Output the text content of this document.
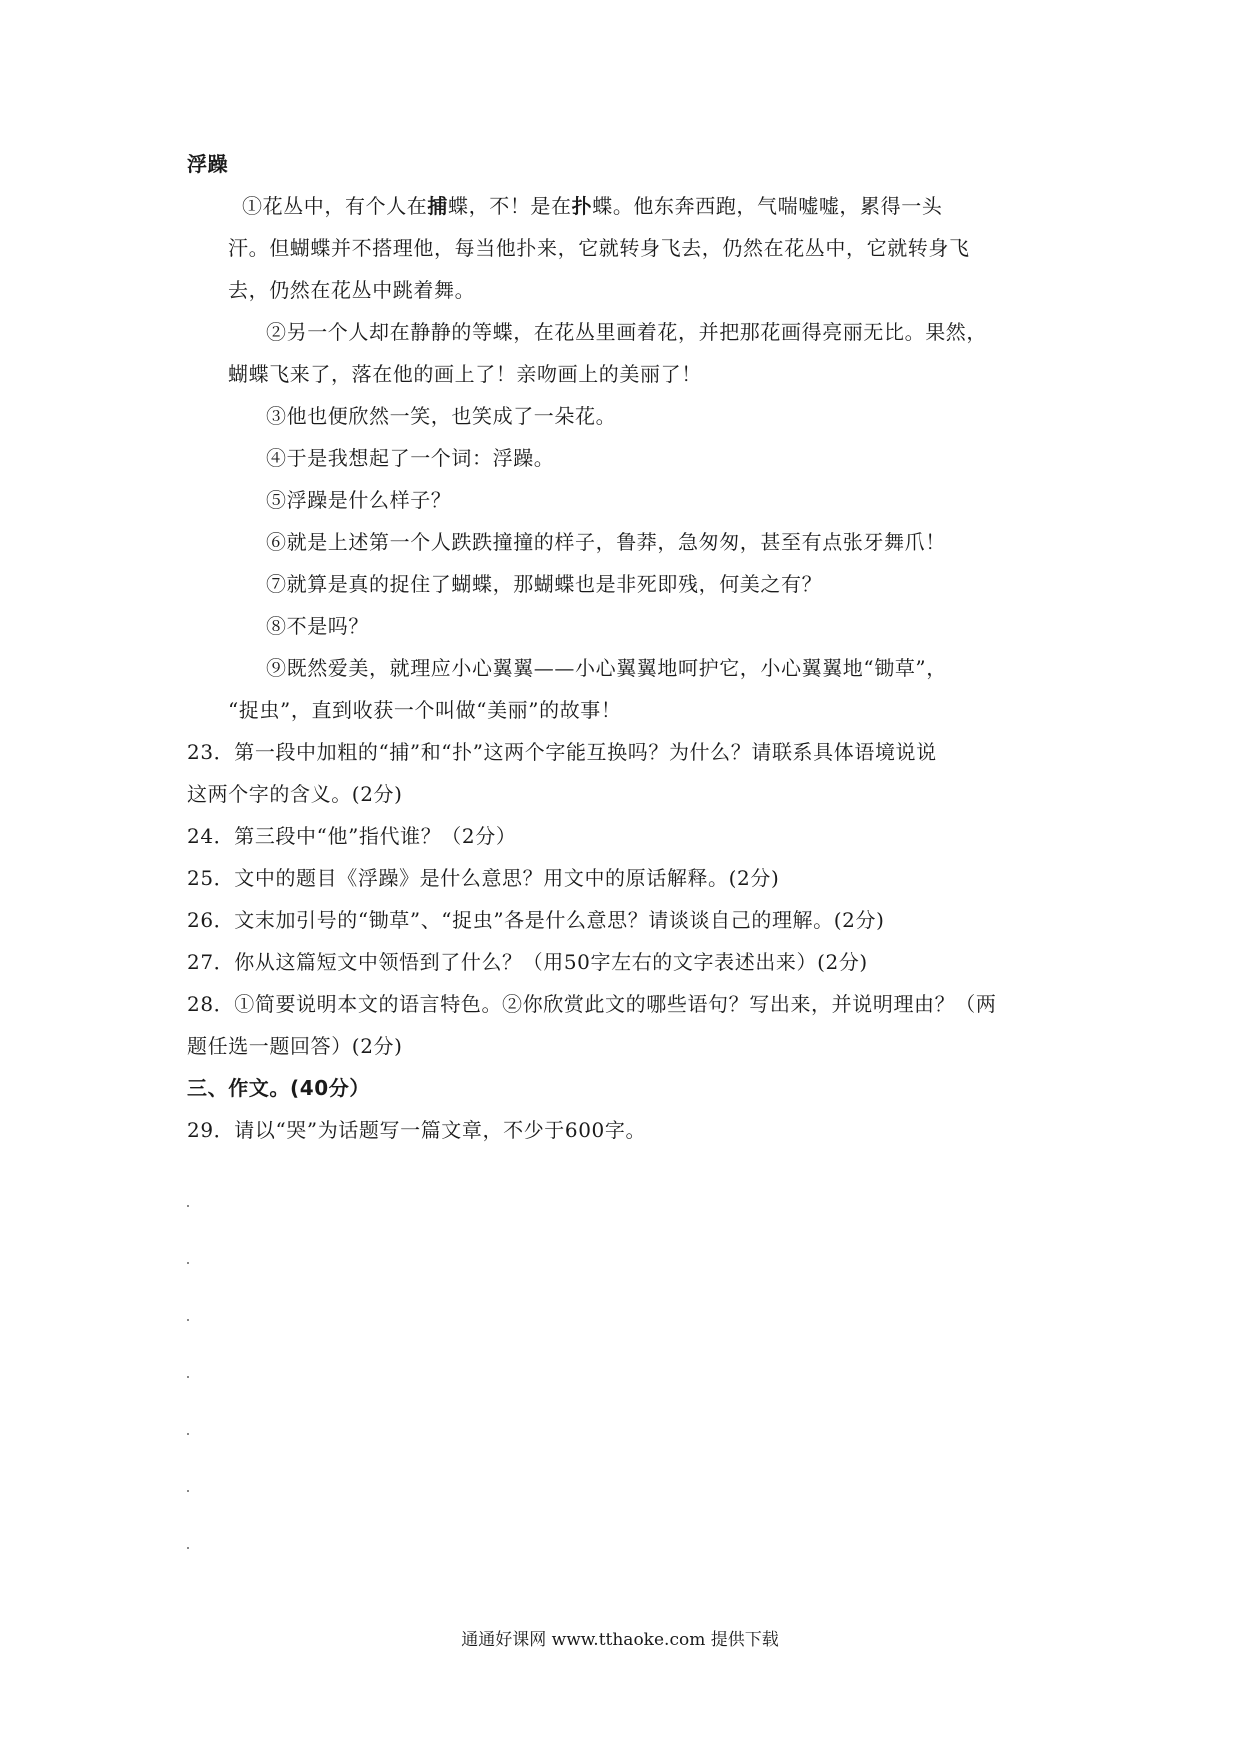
浮躁
①花丛中，有个人在捕蝶，不！是在扑蝶。他东奔西跑，气喘嘘嘘，累得一头
汗。但蝴蝶并不搭理他，每当他扑来，它就转身飞去，仍然在花丛中，它就转身飞
去，仍然在花丛中跳着舞。
②另一个人却在静静的等蝶，在花丛里画着花，并把那花画得亮丽无比。果然，
蝴蝶飞来了，落在他的画上了！亲吻画上的美丽了！
③他也便欣然一笑，也笑成了一朵花。
④于是我想起了一个词：浮躁。
⑤浮躁是什么样子？
⑥就是上述第一个人跌跌撞撞的样子，鲁莽，急匆匆，甚至有点张牙舞爪！
⑦就算是真的捉住了蝴蝶，那蝴蝶也是非死即残，何美之有？
⑧不是吗？
⑨既然爱美，就理应小心翼翼——小心翼翼地呵护它，小心翼翼地“锄草”，
“捉虫”，直到收获一个叫做“美丽”的故事！
23．第一段中加粗的“捕”和“扑”这两个字能互换吗？为什么？请联系具体语境说说
这两个字的含义。(2分)
24．第三段中“他”指代谁？（2分）
25．文中的题目《浮躁》是什么意思？用文中的原话解释。(2分)
26．文末加引号的“锄草”、“捉虫”各是什么意思？请谈谈自己的理解。(2分)
27．你从这篇短文中领悟到了什么？（用50字左右的文字表述出来）(2分)
28．①简要说明本文的语言特色。②你欣赏此文的哪些语句？写出来，并说明理由？（两
题任选一题回答）(2分)
三、作文。(40分）
29．请以“哭”为话题写一篇文章，不少于600字。
通通好课网 www.tthaoke.com 提供下载
